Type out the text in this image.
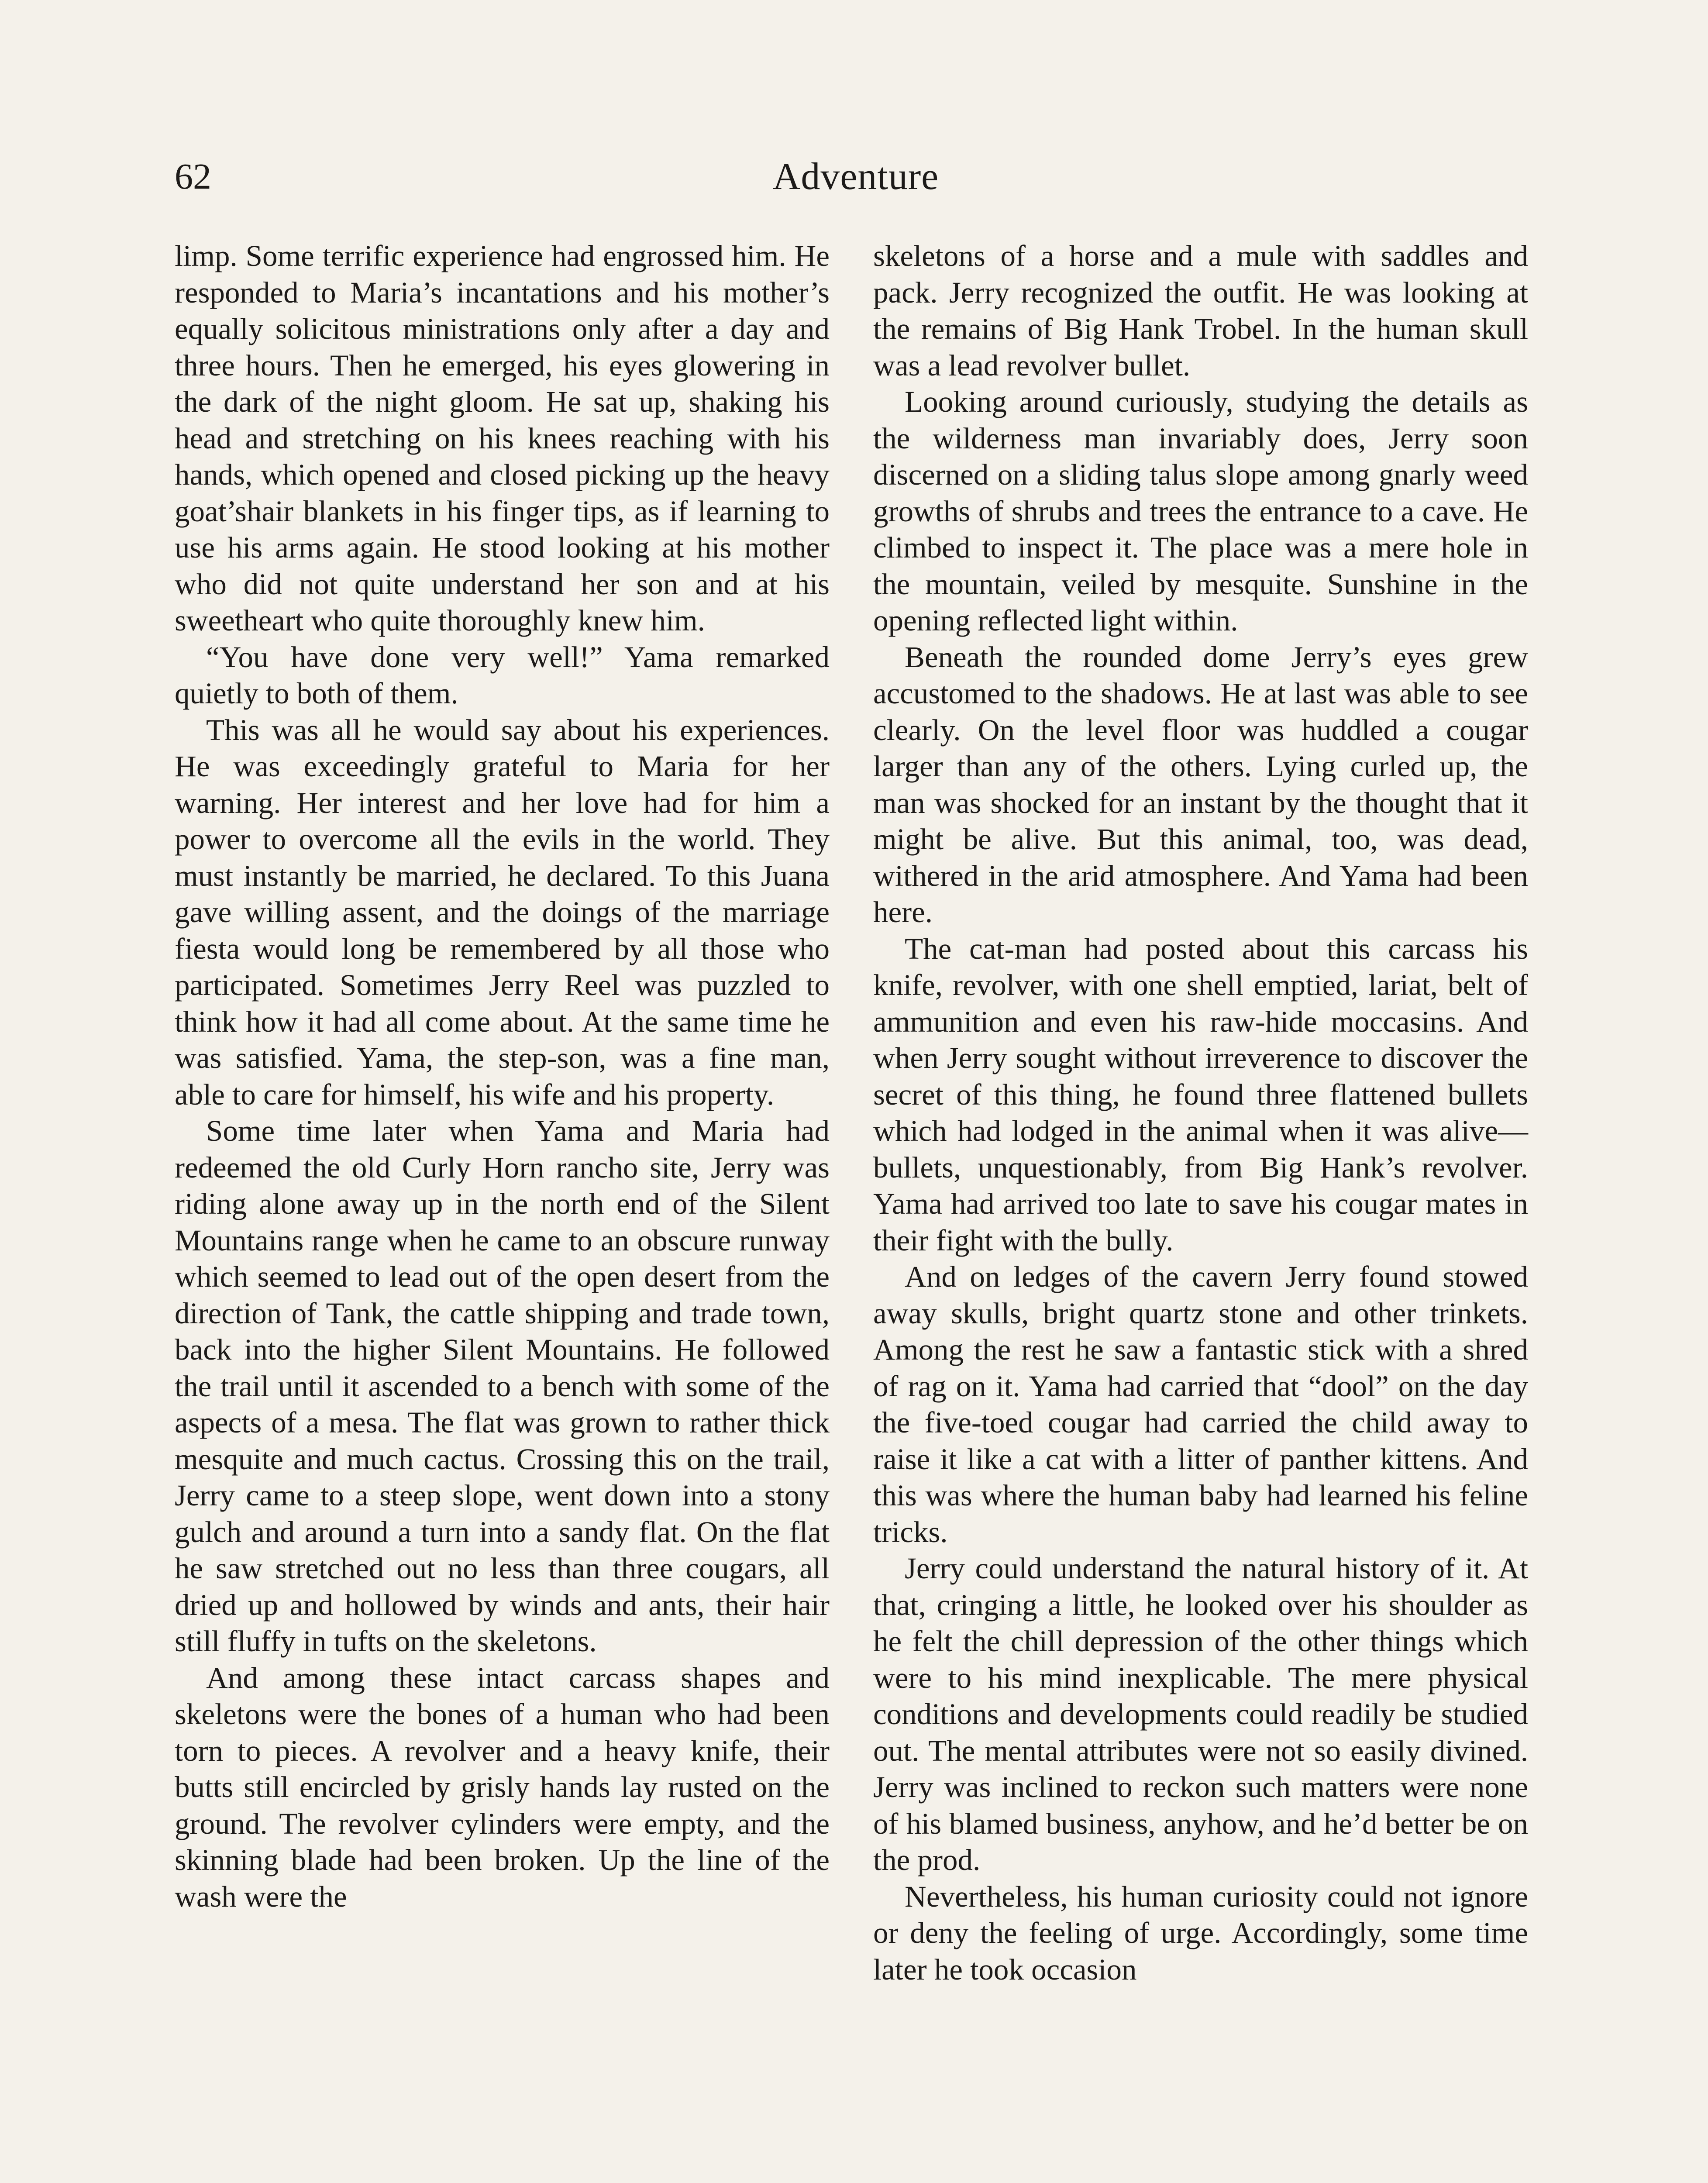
62	Adventure

limp. Some terrific experience had engrossed him. He responded to Maria’s incantations and his mother’s equally solicitous ministrations only after a day and three hours. Then he emerged, his eyes glowering in the dark of the night gloom. He sat up, shaking his head and stretching on his knees reaching with his hands, which opened and closed picking up the heavy goat’shair blankets in his finger tips, as if learning to use his arms again. He stood looking at his mother who did not quite understand her son and at his sweetheart who quite thoroughly knew him.

“You have done very well!” Yama remarked quietly to both of them.

This was all he would say about his experiences. He was exceedingly grateful to Maria for her warning. Her interest and her love had for him a power to overcome all the evils in the world. They must instantly be married, he declared. To this Juana gave willing assent, and the doings of the marriage fiesta would long be remembered by all those who participated. Sometimes Jerry Reel was puzzled to think how it had all come about. At the same time he was satisfied. Yama, the step-son, was a fine man, able to care for himself, his wife and his property.

Some time later when Yama and Maria had redeemed the old Curly Horn rancho site, Jerry was riding alone away up in the north end of the Silent Mountains range when he came to an obscure runway which seemed to lead out of the open desert from the direction of Tank, the cattle shipping and trade town, back into the higher Silent Mountains. He followed the trail until it ascended to a bench with some of the aspects of a mesa. The flat was grown to rather thick mesquite and much cactus. Crossing this on the trail, Jerry came to a steep slope, went down into a stony gulch and around a turn into a sandy flat. On the flat he saw stretched out no less than three cougars, all dried up and hollowed by winds and ants, their hair still fluffy in tufts on the skeletons.

And among these intact carcass shapes and skeletons were the bones of a human who had been torn to pieces. A revolver and a heavy knife, their butts still encircled by grisly hands lay rusted on the ground. The revolver cylinders were empty, and the skinning blade had been broken. Up the line of the wash were the

skeletons of a horse and a mule with saddles and pack. Jerry recognized the outfit. He was looking at the remains of Big Hank Trobel. In the human skull was a lead revolver bullet.

Looking around curiously, studying the details as the wilderness man invariably does, Jerry soon discerned on a sliding talus slope among gnarly weed growths of shrubs and trees the entrance to a cave. He climbed to inspect it. The place was a mere hole in the mountain, veiled by mesquite. Sunshine in the opening reflected light within.

Beneath the rounded dome Jerry’s eyes grew accustomed to the shadows. He at last was able to see clearly. On the level floor was huddled a cougar larger than any of the others. Lying curled up, the man was shocked for an instant by the thought that it might be alive. But this animal, too, was dead, withered in the arid atmosphere. And Yama had been here.

The cat-man had posted about this carcass his knife, revolver, with one shell emptied, lariat, belt of ammunition and even his raw-hide moccasins. And when Jerry sought without irreverence to discover the secret of this thing, he found three flattened bullets which had lodged in the animal when it was alive—bullets, unquestionably, from Big Hank’s revolver. Yama had arrived too late to save his cougar mates in their fight with the bully.

And on ledges of the cavern Jerry found stowed away skulls, bright quartz stone and other trinkets. Among the rest he saw a fantastic stick with a shred of rag on it. Yama had carried that “dool” on the day the five-toed cougar had carried the child away to raise it like a cat with a litter of panther kittens. And this was where the human baby had learned his feline tricks.

Jerry could understand the natural history of it. At that, cringing a little, he looked over his shoulder as he felt the chill depression of the other things which were to his mind inexplicable. The mere physical conditions and developments could readily be studied out. The mental attributes were not so easily divined. Jerry was inclined to reckon such matters were none of his blamed business, anyhow, and he’d better be on the prod.

Nevertheless, his human curiosity could not ignore or deny the feeling of urge. Accordingly, some time later he took occasion
